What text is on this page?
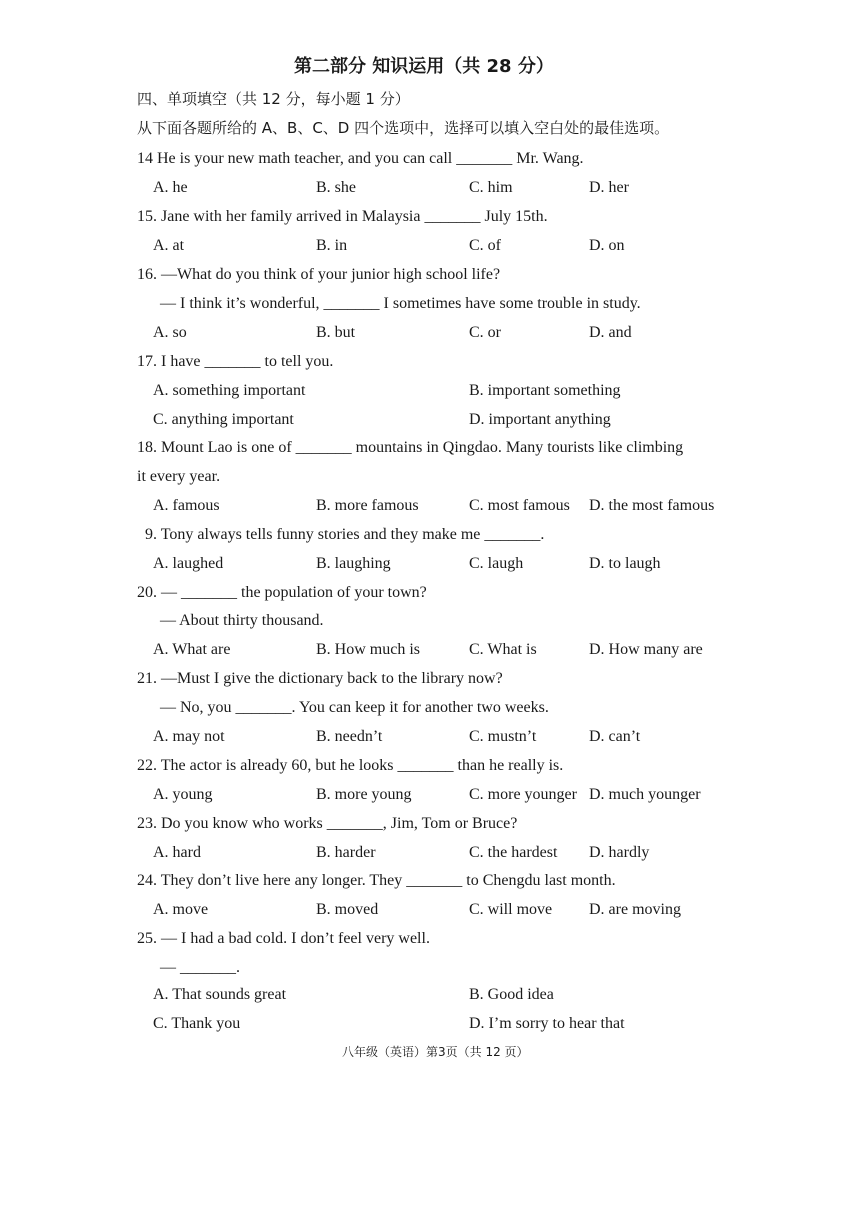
第二部分 知识运用（共 28 分）
四、单项填空（共 12 分，每小题 1 分）
从下面各题所给的 A、B、C、D 四个选项中，选择可以填入空白处的最佳选项。
14 He is your new math teacher, and you can call _______ Mr. Wang.
A. he	B. she	C. him	D. her
15. Jane with her family arrived in Malaysia _______ July 15th.
A. at	B. in	C. of	D. on
16. —What do you think of your junior high school life?
— I think it’s wonderful, _______ I sometimes have some trouble in study.
A. so	B. but	C. or	D. and
17. I have _______ to tell you.
A. something important	B. important something
C. anything important	D. important anything
18. Mount Lao is one of _______ mountains in Qingdao. Many tourists like climbing
it every year.
A. famous	B. more famous	C. most famous D. the most famous
9. Tony always tells funny stories and they make me _______.
A. laughed	B. laughing	C. laugh	D. to laugh
20. — _______ the population of your town?
— About thirty thousand.
A. What are	B. How much is	C. What is	D. How many are
21. —Must I give the dictionary back to the library now?
— No, you _______. You can keep it for another two weeks.
A. may not	B. needn’t	C. mustn’t	D. can’t
22. The actor is already 60, but he looks _______ than he really is.
A. young	B. more young	C. more younger D. much younger
23. Do you know who works _______, Jim, Tom or Bruce?
A. hard	B. harder	C. the hardest D. hardly
24. They don’t live here any longer. They _______ to Chengdu last month.
A. move	B. moved	C. will move D. are moving
25. — I had a bad cold. I don’t feel very well.
— _______.
A. That sounds great	B. Good idea
C. Thank you	D. I’m sorry to hear that
八年级（英语）第3页（共 12 页）
